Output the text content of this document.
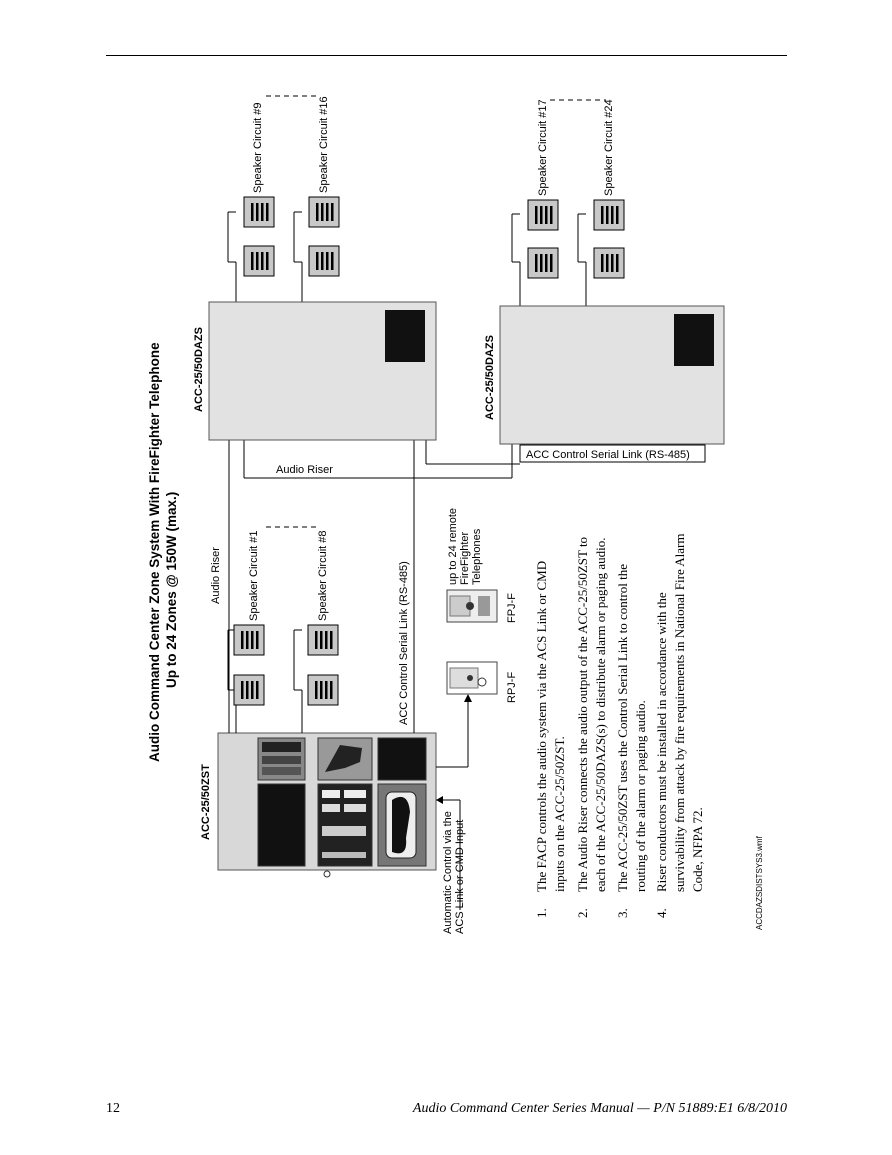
Audio Command Center Zone System With FireFighter Telephone Up to 24 Zones @ 150W (max.)
ACC-25/50ZST
ACC-25/50DAZS	ACC-25/50DAZS
ACC Control Serial Link (RS-485)
Audio Riser
Audio Riser Speaker Circuit #1	Speaker Circuit #8
Speaker Circuit #9	Speaker Circuit #16	Speaker Circuit #17	Speaker Circuit #24
ACC Control Serial Link (RS-485)	RPJ-F
FPJ-F
up to 24 remote FireFighter Telephones
Automatic Control via the ACS Link or CMD Input	1.
The FACP controls the audio system via the ACS Link or CMD inputs on the ACC-25/50ZST.
2.
The Audio Riser connects the audio output of the ACC-25/50ZST to each of the ACC-25/50DAZS(s) to distribute alarm or paging audio.
3.
The ACC-25/50ZST uses the Control Serial Link to control the routing of the alarm or paging audio.
4.
Riser conductors must be installed in accordance with the survivability from attack by fire requirements in National Fire Alarm Code, NFPA 72.	ACCDAZSDISTSYS3.wmf
12	Audio Command Center Series Manual — P/N 51889:E1 6/8/2010
